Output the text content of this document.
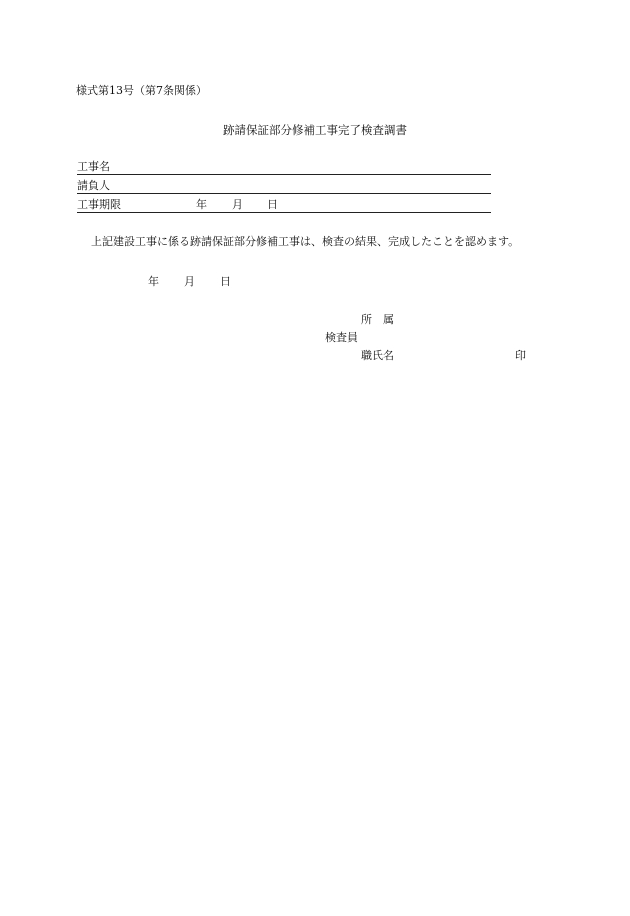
様式第13号（第7条関係）
跡請保証部分修補工事完了検査調書
工事名
請負人
工事期限	年 月 日
上記建設工事に係る跡請保証部分修補工事は、検査の結果、完成したことを認めます。
年 月 日
所　属
検査員
職氏名	印
